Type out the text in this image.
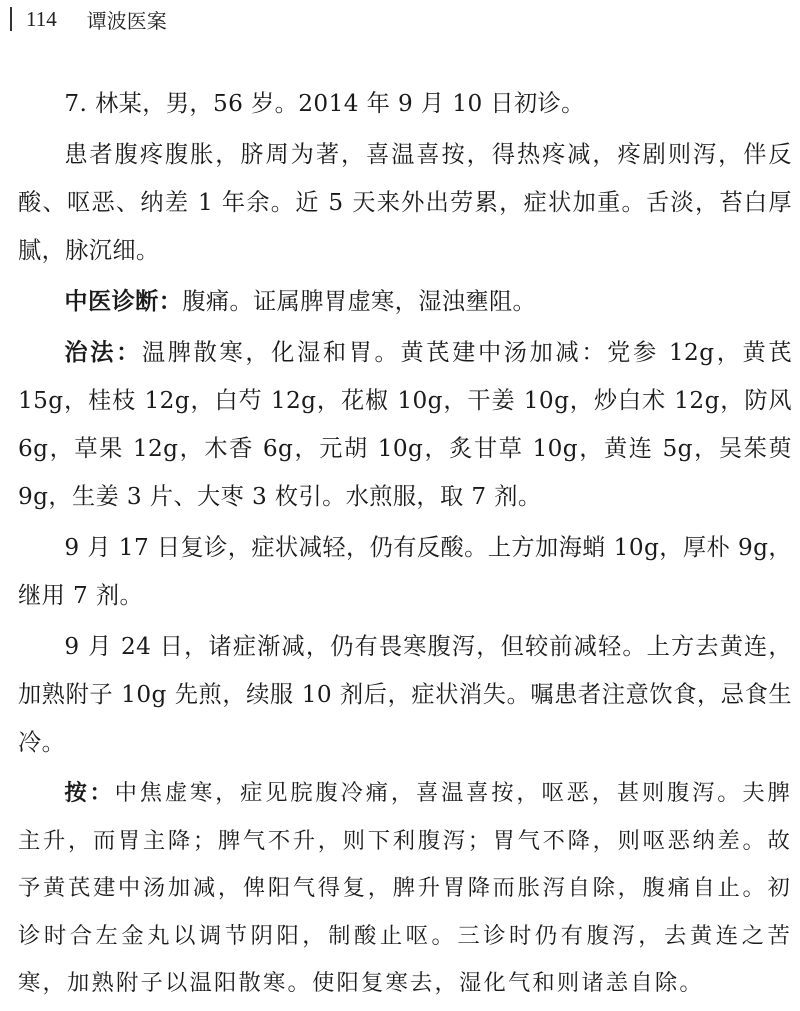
114 谭波医案

7. 林某，男，56 岁。2014 年 9 月 10 日初诊。

患者腹疼腹胀，脐周为著，喜温喜按，得热疼减，疼剧则泻，伴反酸、呕恶、纳差 1 年余。近 5 天来外出劳累，症状加重。舌淡，苔白厚腻，脉沉细。

中医诊断：腹痛。证属脾胃虚寒，湿浊壅阻。

治法：温脾散寒，化湿和胃。黄芪建中汤加减：党参 12g，黄芪 15g，桂枝 12g，白芍 12g，花椒 10g，干姜 10g，炒白术 12g，防风 6g，草果 12g，木香 6g，元胡 10g，炙甘草 10g，黄连 5g，吴茱萸 9g，生姜 3 片、大枣 3 枚引。水煎服，取 7 剂。

9 月 17 日复诊，症状减轻，仍有反酸。上方加海蛸 10g，厚朴 9g，继用 7 剂。

9 月 24 日，诸症渐减，仍有畏寒腹泻，但较前减轻。上方去黄连，加熟附子 10g 先煎，续服 10 剂后，症状消失。嘱患者注意饮食，忌食生冷。

按：中焦虚寒，症见脘腹冷痛，喜温喜按，呕恶，甚则腹泻。夫脾主升，而胃主降；脾气不升，则下利腹泻；胃气不降，则呕恶纳差。故予黄芪建中汤加减，俾阳气得复，脾升胃降而胀泻自除，腹痛自止。初诊时合左金丸以调节阴阳，制酸止呕。三诊时仍有腹泻，去黄连之苦寒，加熟附子以温阳散寒。使阳复寒去，湿化气和则诸恙自除。
